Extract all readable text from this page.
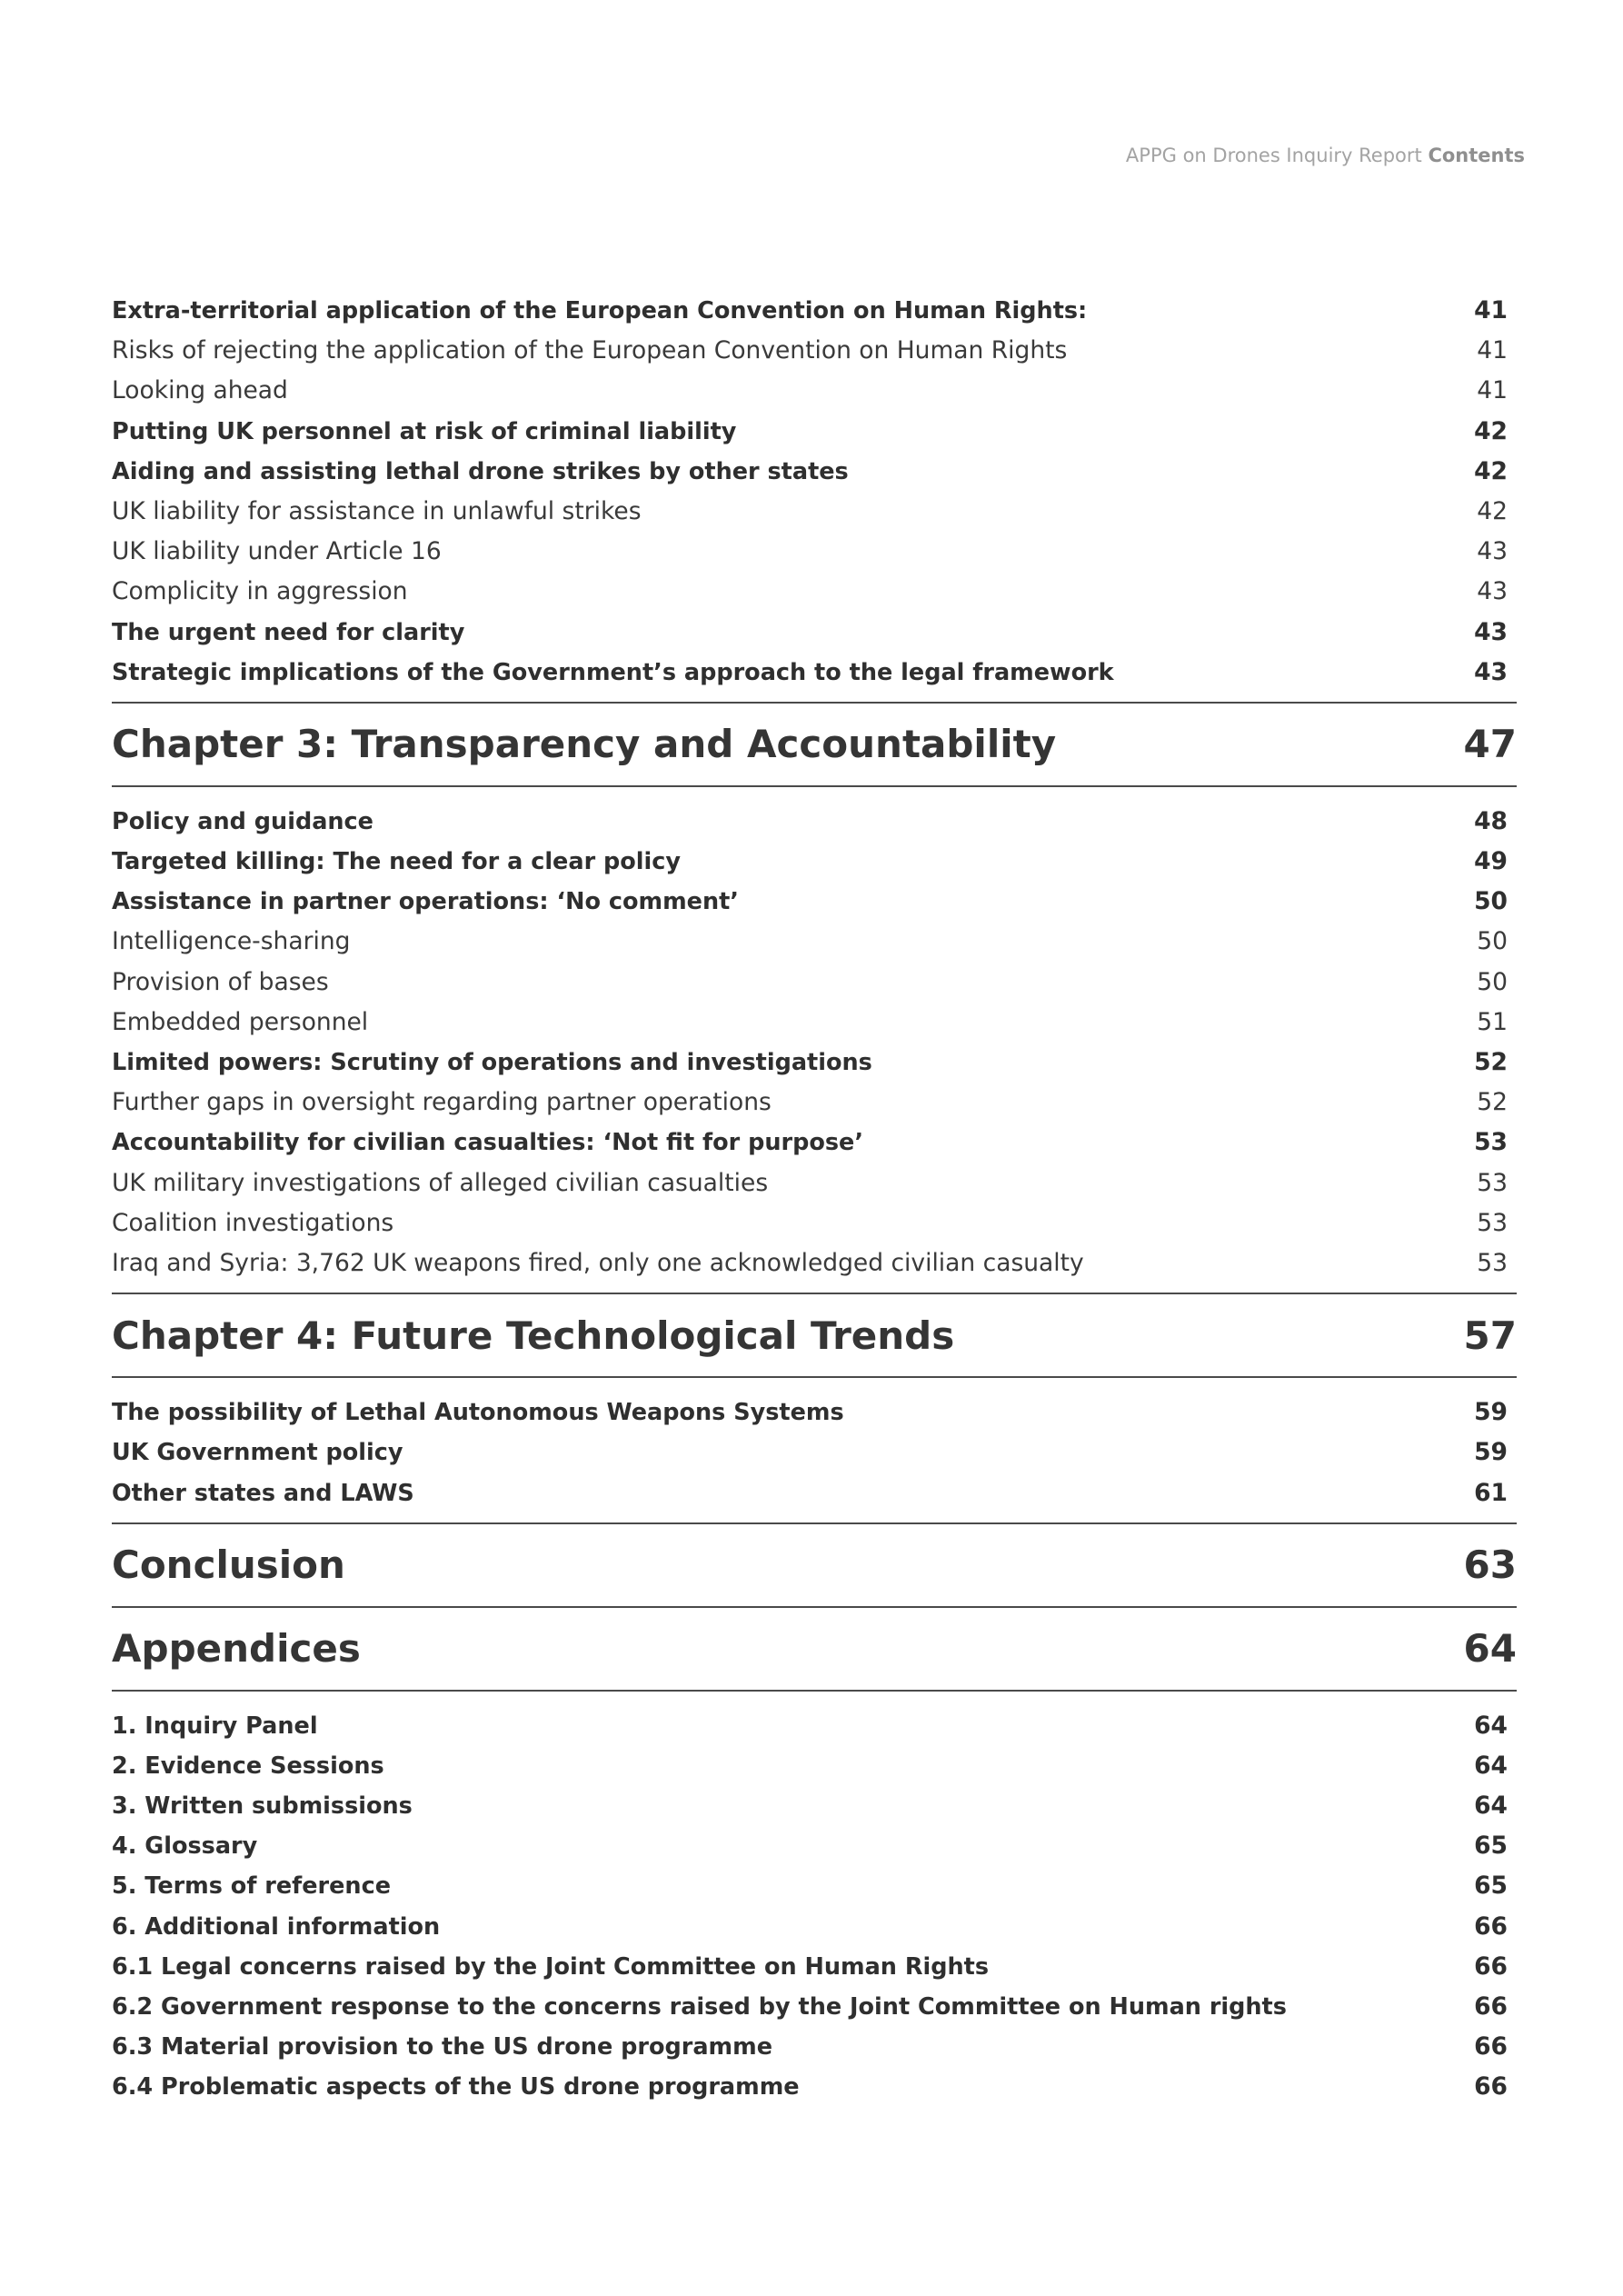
APPG on Drones Inquiry Report Contents
Extra-territorial application of the European Convention on Human Rights:	41
Risks of rejecting the application of the European Convention on Human Rights	41
Looking ahead	41
Putting UK personnel at risk of criminal liability	42
Aiding and assisting lethal drone strikes by other states	42
UK liability for assistance in unlawful strikes	42
UK liability under Article 16	43
Complicity in aggression	43
The urgent need for clarity	43
Strategic implications of the Government’s approach to the legal framework	43
Chapter 3: Transparency and Accountability	47
Policy and guidance	48
Targeted killing: The need for a clear policy	49
Assistance in partner operations: ‘No comment’	50
Intelligence-sharing	50
Provision of bases	50
Embedded personnel	51
Limited powers: Scrutiny of operations and investigations	52
Further gaps in oversight regarding partner operations	52
Accountability for civilian casualties: ‘Not fit for purpose’	53
UK military investigations of alleged civilian casualties	53
Coalition investigations	53
Iraq and Syria: 3,762 UK weapons fired, only one acknowledged civilian casualty	53
Chapter 4: Future Technological Trends	57
The possibility of Lethal Autonomous Weapons Systems	59
UK Government policy	59
Other states and LAWS	61
Conclusion	63
Appendices	64
1. Inquiry Panel	64
2. Evidence Sessions	64
3. Written submissions	64
4. Glossary	65
5. Terms of reference	65
6. Additional information	66
6.1 Legal concerns raised by the Joint Committee on Human Rights	66
6.2 Government response to the concerns raised by the Joint Committee on Human rights	66
6.3 Material provision to the US drone programme	66
6.4 Problematic aspects of the US drone programme	66
